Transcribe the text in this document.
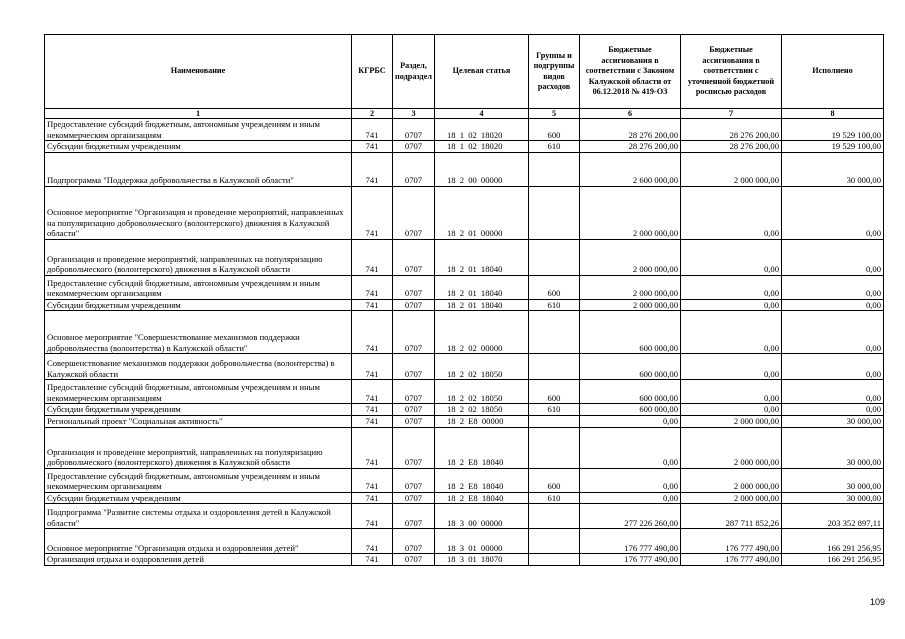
Наименование	КГРБС	Раздел, подраздел	Целевая статья	Группы и подгруппы видов расходов	Бюджетные ассигнования в соответствии с Законом Калужской области от 06.12.2018 № 419-ОЗ	Бюджетные ассигнования в соответствии с уточненной бюджетной росписью расходов	Исполнено
1	2	3	4	5	6	7	8
Предоставление субсидий бюджетным, автономным учреждениям и иным некоммерческим организациям	741	0707	18 1 02 18020	600	28 276 200,00	28 276 200,00	19 529 100,00
Субсидии бюджетным учреждениям	741	0707	18 1 02 18020	610	28 276 200,00	28 276 200,00	19 529 100,00
Подпрограмма "Поддержка добровольчества в Калужской области"	741	0707	18 2 00 00000		2 600 000,00	2 000 000,00	30 000,00
Основное мероприятие "Организация и проведение мероприятий, направленных на популяризацию добровольческого (волонтерского) движения в Калужской области"	741	0707	18 2 01 00000		2 000 000,00	0,00	0,00
Организация и проведение мероприятий, направленных на популяризацию добровольческого (волонтерского) движения в Калужской области	741	0707	18 2 01 18040		2 000 000,00	0,00	0,00
Предоставление субсидий бюджетным, автономным учреждениям и иным некоммерческим организациям	741	0707	18 2 01 18040	600	2 000 000,00	0,00	0,00
Субсидии бюджетным учреждениям	741	0707	18 2 01 18040	610	2 000 000,00	0,00	0,00
Основное мероприятие "Совершенствование механизмов поддержки добровольчества (волонтерства) в Калужской области"	741	0707	18 2 02 00000		600 000,00	0,00	0,00
Совершенствование механизмов поддержки добровольчества (волонтерства) в Калужской области	741	0707	18 2 02 18050		600 000,00	0,00	0,00
Предоставление субсидий бюджетным, автономным учреждениям и иным некоммерческим организациям	741	0707	18 2 02 18050	600	600 000,00	0,00	0,00
Субсидии бюджетным учреждениям	741	0707	18 2 02 18050	610	600 000,00	0,00	0,00
Региональный проект "Социальная активность"	741	0707	18 2 E8 00000		0,00	2 000 000,00	30 000,00
Организация и проведение мероприятий, направленных на популяризацию добровольческого (волонтерского) движения в Калужской области	741	0707	18 2 E8 18040		0,00	2 000 000,00	30 000,00
Предоставление субсидий бюджетным, автономным учреждениям и иным некоммерческим организациям	741	0707	18 2 E8 18040	600	0,00	2 000 000,00	30 000,00
Субсидии бюджетным учреждениям	741	0707	18 2 E8 18040	610	0,00	2 000 000,00	30 000,00
Подпрограмма "Развитие системы отдыха и оздоровления детей в Калужской области"	741	0707	18 3 00 00000		277 226 260,00	287 711 852,26	203 352 897,11
Основное мероприятие "Организация отдыха и оздоровления детей"	741	0707	18 3 01 00000		176 777 490,00	176 777 490,00	166 291 256,95
Организация отдыха и оздоровления детей	741	0707	18 3 01 18070		176 777 490,00	176 777 490,00	166 291 256,95
109
